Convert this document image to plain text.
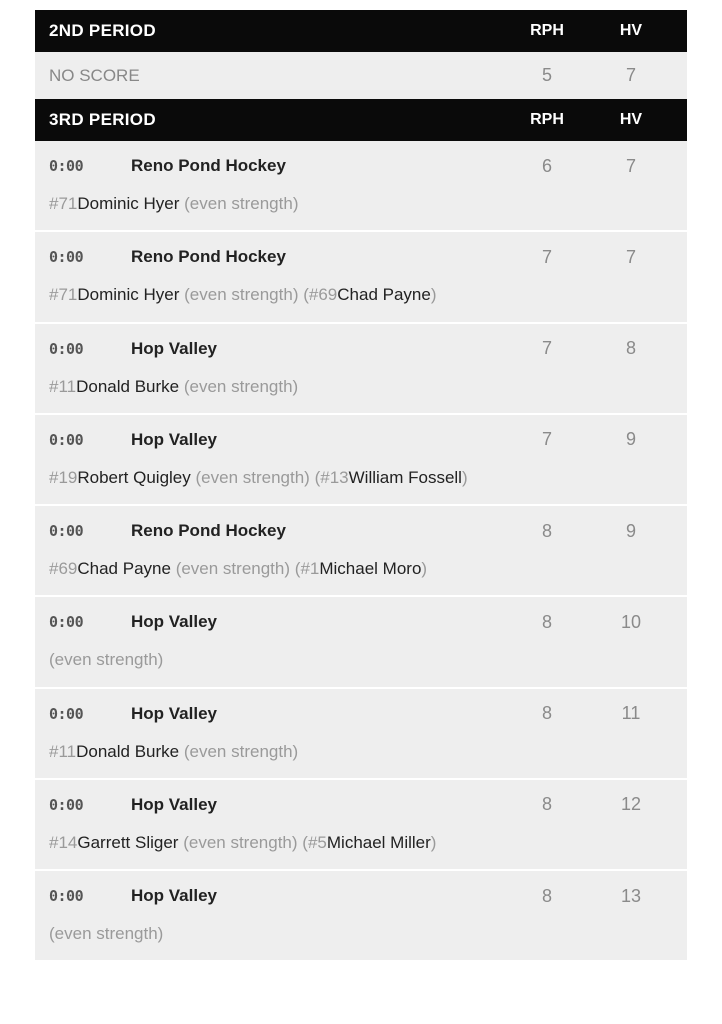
2ND PERIOD	RPH	HV
NO SCORE	5	7
3RD PERIOD	RPH	HV
0:00	Reno Pond Hockey	6	7
#71Dominic Hyer (even strength)
0:00	Reno Pond Hockey	7	7
#71Dominic Hyer (even strength) (#69Chad Payne)
0:00	Hop Valley	7	8
#11Donald Burke (even strength)
0:00	Hop Valley	7	9
#19Robert Quigley (even strength) (#13William Fossell)
0:00	Reno Pond Hockey	8	9
#69Chad Payne (even strength) (#1Michael Moro)
0:00	Hop Valley	8	10
(even strength)
0:00	Hop Valley	8	11
#11Donald Burke (even strength)
0:00	Hop Valley	8	12
#14Garrett Sliger (even strength) (#5Michael Miller)
0:00	Hop Valley	8	13
(even strength)
